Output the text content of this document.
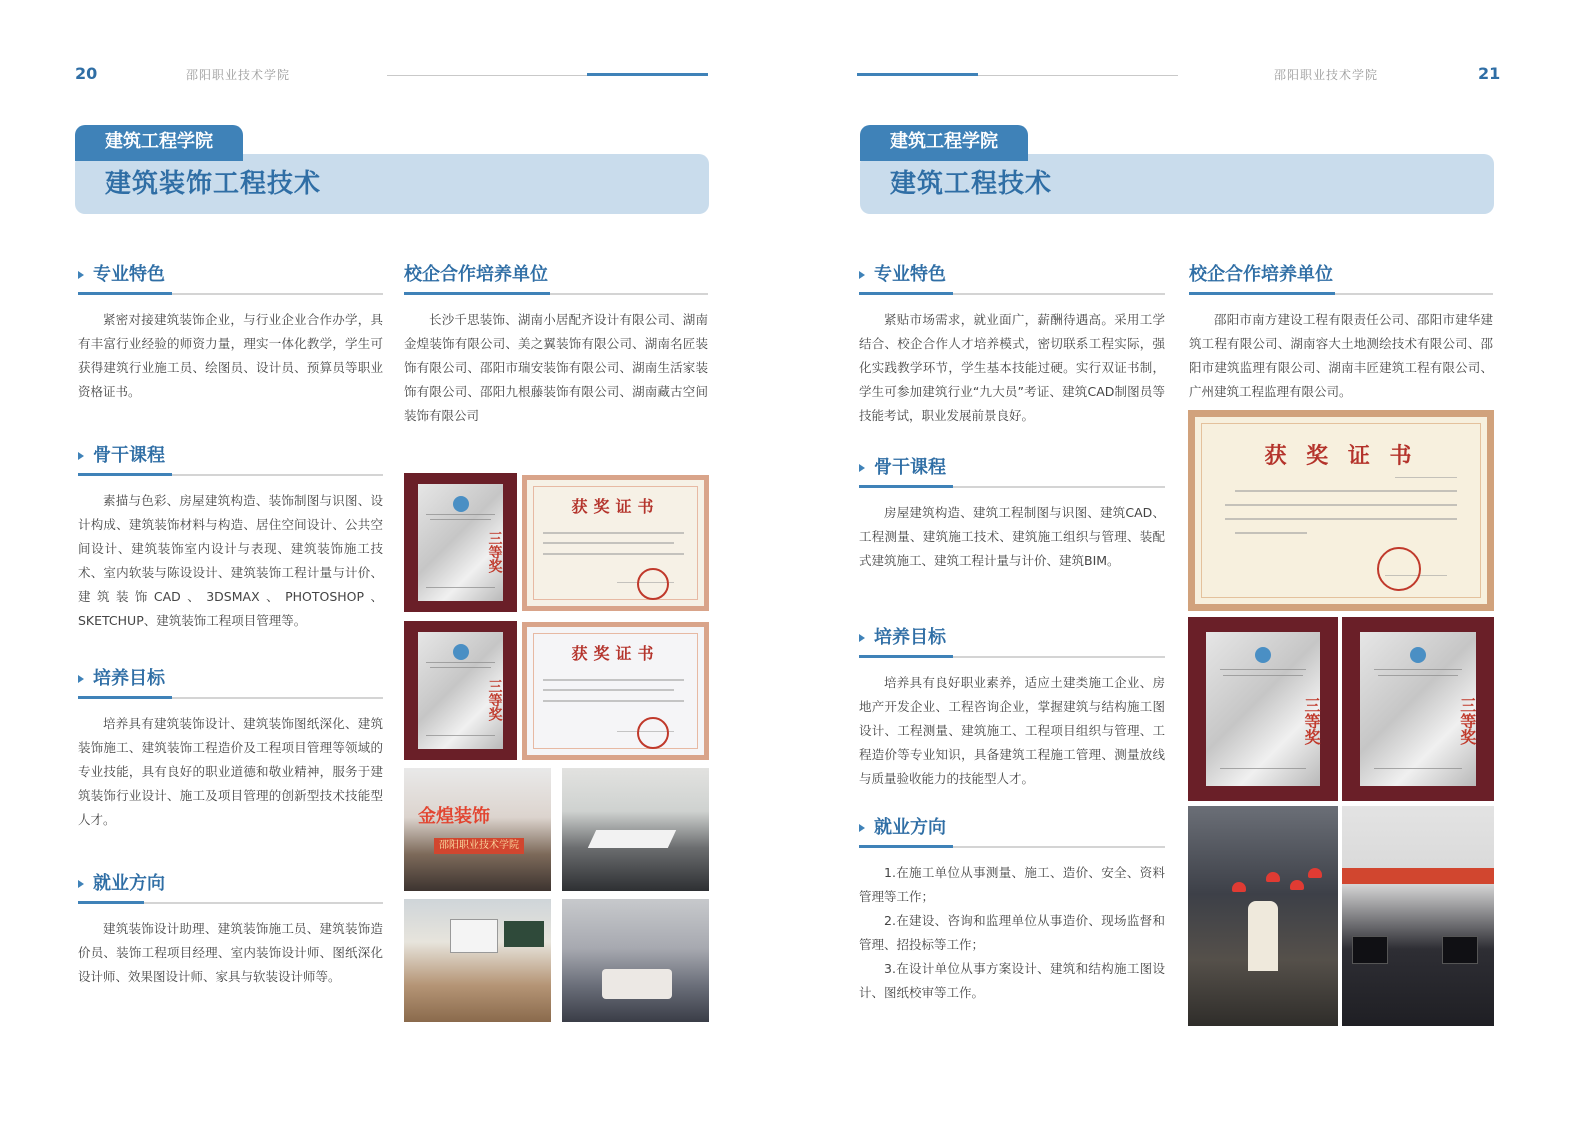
20	邵阳职业技术学院
建筑装饰工程技术
建筑工程学院
专业特色
紧密对接建筑装饰企业，与行业企业合作办学，具有丰富行业经验的师资力量，理实一体化教学，学生可获得建筑行业施工员、绘图员、设计员、预算员等职业资格证书。
校企合作培养单位
长沙千思装饰、湖南小居配齐设计有限公司、湖南金煌装饰有限公司、美之翼装饰有限公司、湖南名匠装饰有限公司、邵阳市瑞安装饰有限公司、湖南生活家装饰有限公司、邵阳九根藤装饰有限公司、湖南藏古空间装饰有限公司
骨干课程
素描与色彩、房屋建筑构造、装饰制图与识图、设计构成、建筑装饰材料与构造、居住空间设计、公共空间设计、建筑装饰室内设计与表现、建筑装饰施工技术、室内软装与陈设设计、建筑装饰工程计量与计价、建筑装饰CAD、3DSMAX、PHOTOSHOP、SKETCHUP、建筑装饰工程项目管理等。
培养目标
培养具有建筑装饰设计、建筑装饰图纸深化、建筑装饰施工、建筑装饰工程造价及工程项目管理等领域的专业技能，具有良好的职业道德和敬业精神，服务于建筑装饰行业设计、施工及项目管理的创新型技术技能型人才。
就业方向
建筑装饰设计助理、建筑装饰施工员、建筑装饰造价员、装饰工程项目经理、室内装饰设计师、图纸深化设计师、效果图设计师、家具与软装设计师等。
三等奖
获奖证书
三等奖
获奖证书
金煌装饰
邵阳职业技术学院
邵阳职业技术学院	21
建筑工程技术
建筑工程学院
专业特色
紧贴市场需求，就业面广，薪酬待遇高。采用工学结合、校企合作人才培养模式，密切联系工程实际，强化实践教学环节，学生基本技能过硬。实行双证书制，学生可参加建筑行业“九大员”考证、建筑CAD制图员等技能考试，职业发展前景良好。
校企合作培养单位
邵阳市南方建设工程有限责任公司、邵阳市建华建筑工程有限公司、湖南容大土地测绘技术有限公司、邵阳市建筑监理有限公司、湖南丰匠建筑工程有限公司、广州建筑工程监理有限公司。
骨干课程
房屋建筑构造、建筑工程制图与识图、建筑CAD、工程测量、建筑施工技术、建筑施工组织与管理、装配式建筑施工、建筑工程计量与计价、建筑BIM。
培养目标
培养具有良好职业素养，适应土建类施工企业、房地产开发企业、工程咨询企业，掌握建筑与结构施工图设计、工程测量、建筑施工、工程项目组织与管理、工程造价等专业知识，具备建筑工程施工管理、测量放线与质量验收能力的技能型人才。
就业方向

1.在施工单位从事测量、施工、造价、安全、资料管理等工作；

2.在建设、咨询和监理单位从事造价、现场监督和管理、招投标等工作；

3.在设计单位从事方案设计、建筑和结构施工图设计、图纸校审等工作。

获 奖 证 书
三等奖	三等奖
